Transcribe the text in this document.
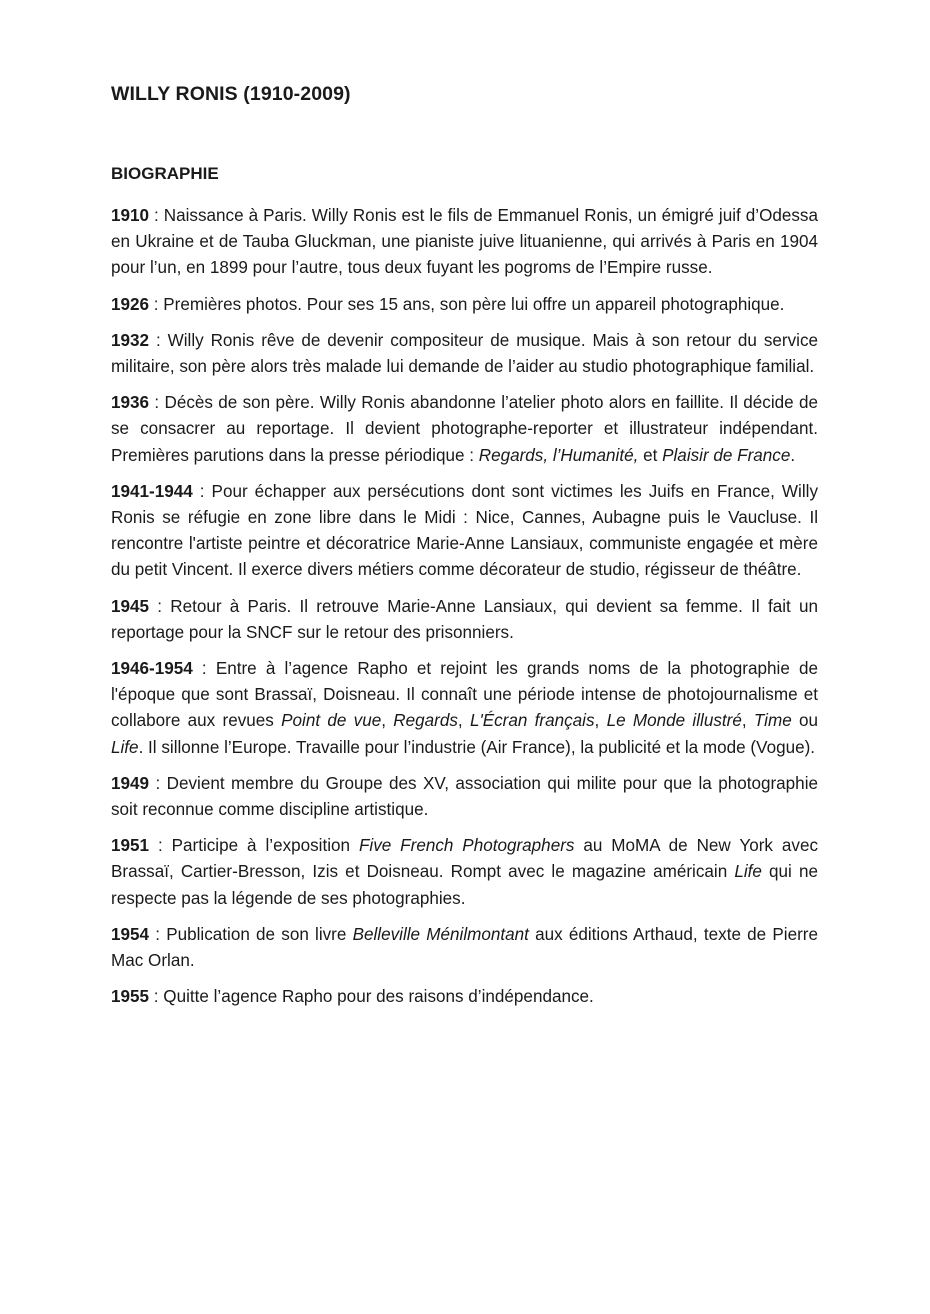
WILLY RONIS (1910-2009)
BIOGRAPHIE

1910 : Naissance à Paris. Willy Ronis est le fils de Emmanuel Ronis, un émigré juif d’Odessa en Ukraine et de Tauba Gluckman, une pianiste juive lituanienne, qui arrivés à Paris en 1904 pour l’un, en 1899 pour l’autre, tous deux fuyant les pogroms de l’Empire russe.

1926 : Premières photos. Pour ses 15 ans, son père lui offre un appareil photographique.

1932 : Willy Ronis rêve de devenir compositeur de musique. Mais à son retour du service militaire, son père alors très malade lui demande de l’aider au studio photographique familial.

1936 : Décès de son père. Willy Ronis abandonne l’atelier photo alors en faillite. Il décide de se consacrer au reportage. Il devient photographe-reporter et illustrateur indépendant. Premières parutions dans la presse périodique : Regards, l’Humanité, et Plaisir de France.

1941-1944 : Pour échapper aux persécutions dont sont victimes les Juifs en France, Willy Ronis se réfugie en zone libre dans le Midi : Nice, Cannes, Aubagne puis le Vaucluse. Il rencontre l'artiste peintre et décoratrice Marie-Anne Lansiaux, communiste engagée et mère du petit Vincent. Il exerce divers métiers comme décorateur de studio, régisseur de théâtre.

1945 : Retour à Paris. Il retrouve Marie-Anne Lansiaux, qui devient sa femme. Il fait un reportage pour la SNCF sur le retour des prisonniers.

1946-1954 : Entre à l’agence Rapho et rejoint les grands noms de la photographie de l'époque que sont Brassaï, Doisneau. Il connaît une période intense de photojournalisme et collabore aux revues Point de vue, Regards, L'Écran français, Le Monde illustré, Time ou Life. Il sillonne l’Europe. Travaille pour l’industrie (Air France), la publicité et la mode (Vogue).

1949 : Devient membre du Groupe des XV, association qui milite pour que la photographie soit reconnue comme discipline artistique.

1951 : Participe à l’exposition Five French Photographers au MoMA de New York avec Brassaï, Cartier-Bresson, Izis et Doisneau. Rompt avec le magazine américain Life qui ne respecte pas la légende de ses photographies.

1954 : Publication de son livre Belleville Ménilmontant aux éditions Arthaud, texte de Pierre Mac Orlan.

1955 : Quitte l’agence Rapho pour des raisons d’indépendance.
